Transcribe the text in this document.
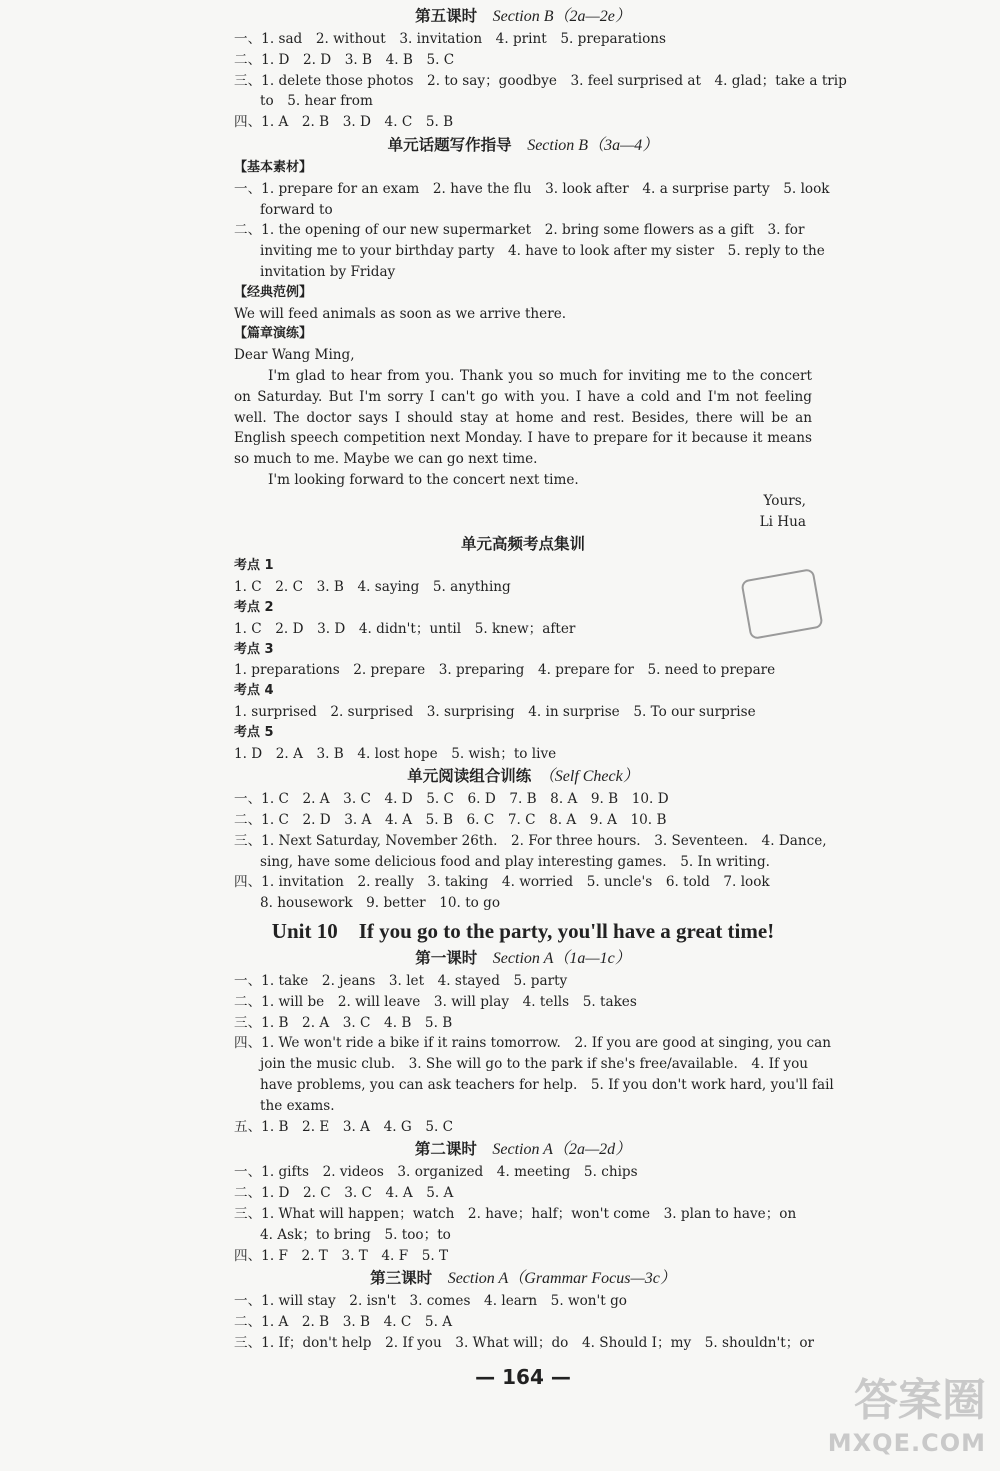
第五课时　 Section B（2a—2e）
一、1. sad　2. without　3. invitation　4. print　5. preparations
二、1. D　2. D　3. B　4. B　5. C
三、1. delete those photos　2. to say；goodbye　3. feel surprised at　4. glad；take a trip
to　5. hear from
四、1. A　2. B　3. D　4. C　5. B
单元话题写作指导　 Section B（3a—4）
【基本素材】
一、1. prepare for an exam　2. have the flu　3. look after　4. a surprise party　5. look
forward to
二、1. the opening of our new supermarket　2. bring some flowers as a gift　3. for
inviting me to your birthday party　4. have to look after my sister　5. reply to the
invitation by Friday
【经典范例】
We will feed animals as soon as we arrive there.
【篇章演练】
Dear Wang Ming,
I'm glad to hear from you. Thank you so much for inviting me to the concert on Saturday. But I'm sorry I can't go with you. I have a cold and I'm not feeling well. The doctor says I should stay at home and rest. Besides, there will be an English speech competition next Monday. I have to prepare for it because it means so much to me. Maybe we can go next time.
I'm looking forward to the concert next time.
Yours,
Li Hua
单元高频考点集训
考点 1
1. C　2. C　3. B　4. saying　5. anything
考点 2
1. C　2. D　3. D　4. didn't；until　5. knew；after
考点 3
1. preparations　2. prepare　3. preparing　4. prepare for　5. need to prepare
考点 4
1. surprised　2. surprised　3. surprising　4. in surprise　5. To our surprise
考点 5
1. D　2. A　3. B　4. lost hope　5. wish；to live
单元阅读组合训练　 （Self Check）
一、1. C　2. A　3. C　4. D　5. C　6. D　7. B　8. A　9. B　10. D
二、1. C　2. D　3. A　4. A　5. B　6. C　7. C　8. A　9. A　10. B
三、1. Next Saturday, November 26th.　2. For three hours.　3. Seventeen.　4. Dance,
sing, have some delicious food and play interesting games.　5. In writing.
四、1. invitation　2. really　3. taking　4. worried　5. uncle's　6. told　7. look
8. housework　9. better　10. to go
Unit 10　If you go to the party, you'll have a great time!
第一课时　 Section A（1a—1c）
一、1. take　2. jeans　3. let　4. stayed　5. party
二、1. will be　2. will leave　3. will play　4. tells　5. takes
三、1. B　2. A　3. C　4. B　5. B
四、1. We won't ride a bike if it rains tomorrow.　2. If you are good at singing, you can
join the music club.　3. She will go to the park if she's free/available.　4. If you
have problems, you can ask teachers for help.　5. If you don't work hard, you'll fail
the exams.
五、1. B　2. E　3. A　4. G　5. C
第二课时　 Section A（2a—2d）
一、1. gifts　2. videos　3. organized　4. meeting　5. chips
二、1. D　2. C　3. C　4. A　5. A
三、1. What will happen；watch　2. have；half；won't come　3. plan to have；on
4. Ask；to bring　5. too；to
四、1. F　2. T　3. T　4. F　5. T
第三课时　 Section A（Grammar Focus—3c）
一、1. will stay　2. isn't　3. comes　4. learn　5. won't go
二、1. A　2. B　3. B　4. C　5. A
三、1. If；don't help　2. If you　3. What will；do　4. Should I；my　5. shouldn't；or
— 164 —
　	答案圈
MXQE.COM
